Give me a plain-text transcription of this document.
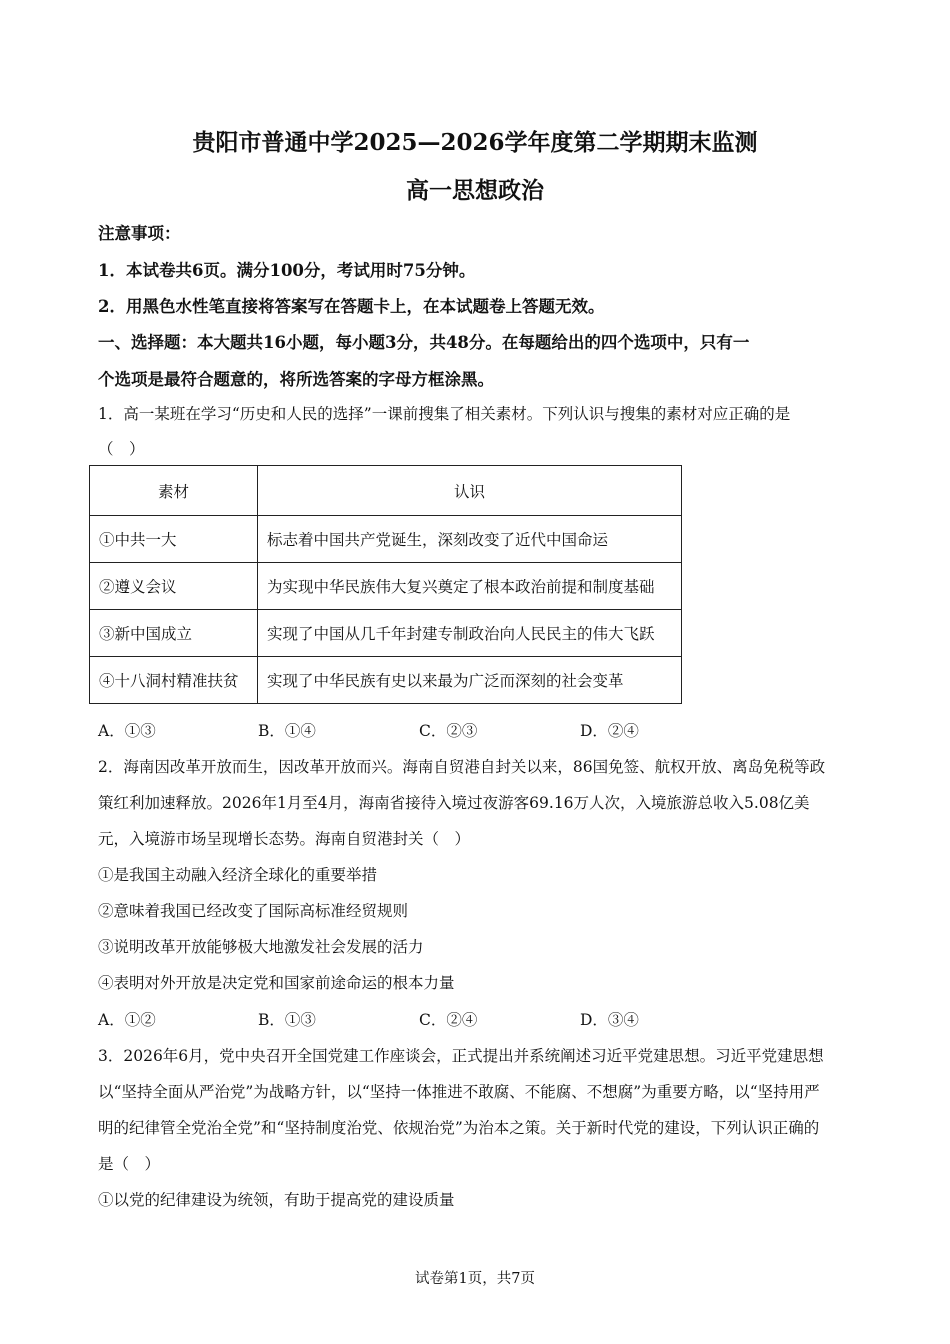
贵阳市普通中学2025—2026学年度第二学期期末监测
高一思想政治
注意事项：
1．本试卷共6页。满分100分，考试用时75分钟。
2．用黑色水性笔直接将答案写在答题卡上，在本试题卷上答题无效。
一、选择题：本大题共16小题，每小题3分，共48分。在每题给出的四个选项中，只有一
个选项是最符合题意的，将所选答案的字母方框涂黑。
1．高一某班在学习“历史和人民的选择”一课前搜集了相关素材。下列认识与搜集的素材对应正确的是
（　）
素材	认识
①中共一大	标志着中国共产党诞生，深刻改变了近代中国命运
②遵义会议	为实现中华民族伟大复兴奠定了根本政治前提和制度基础
③新中国成立	实现了中国从几千年封建专制政治向人民民主的伟大飞跃
④十八洞村精准扶贫	实现了中华民族有史以来最为广泛而深刻的社会变革
A．①③	B．①④	C．②③	D．②④
2．海南因改革开放而生，因改革开放而兴。海南自贸港自封关以来，86国免签、航权开放、离岛免税等政
策红利加速释放。2026年1月至4月，海南省接待入境过夜游客69.16万人次，入境旅游总收入5.08亿美
元，入境游市场呈现增长态势。海南自贸港封关（　）
①是我国主动融入经济全球化的重要举措
②意味着我国已经改变了国际高标准经贸规则
③说明改革开放能够极大地激发社会发展的活力
④表明对外开放是决定党和国家前途命运的根本力量
A．①②	B．①③	C．②④	D．③④
3．2026年6月，党中央召开全国党建工作座谈会，正式提出并系统阐述习近平党建思想。习近平党建思想
以“坚持全面从严治党”为战略方针，以“坚持一体推进不敢腐、不能腐、不想腐”为重要方略，以“坚持用严
明的纪律管全党治全党”和“坚持制度治党、依规治党”为治本之策。关于新时代党的建设，下列认识正确的
是（　）
①以党的纪律建设为统领，有助于提高党的建设质量
试卷第1页，共7页
